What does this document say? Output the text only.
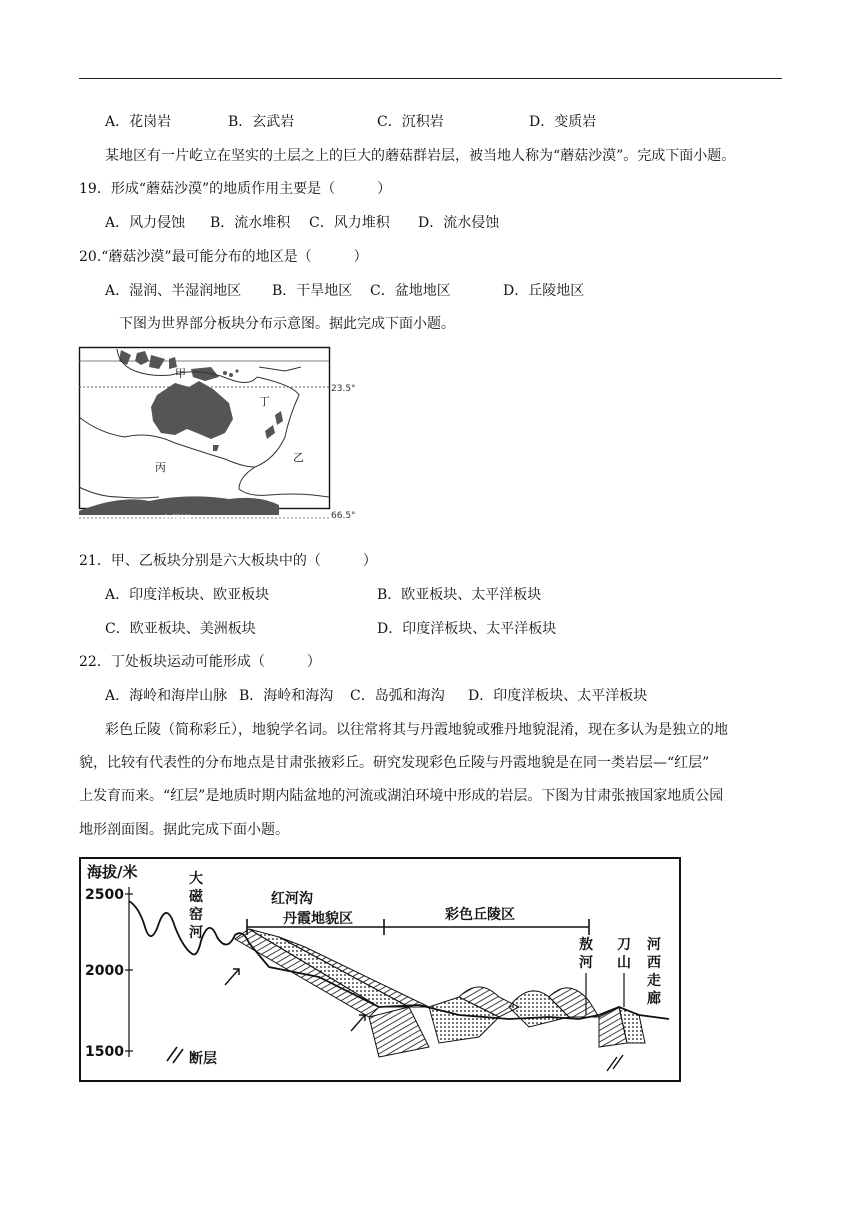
A．花岗岩	B．玄武岩	C．沉积岩	D．变质岩
某地区有一片屹立在坚实的土层之上的巨大的蘑菇群岩层，被当地人称为“蘑菇沙漠”。完成下面小题。
19．形成“蘑菇沙漠”的地质作用主要是（　　　）
A．风力侵蚀 B．流水堆积 C．风力堆积 D．流水侵蚀
20.“蘑菇沙漠”最可能分布的地区是（　　　）
A．湿润、半湿润地区 B．干旱地区 C．盆地地区	D．丘陵地区
下图为世界部分板块分布示意图。据此完成下面小题。
甲
丁
乙
丙
23.5°
66.5°
南极洲
21．甲、乙板块分别是六大板块中的（　　　）
A．印度洋板块、欧亚板块	B．欧亚板块、太平洋板块
C．欧亚板块、美洲板块	D．印度洋板块、太平洋板块
22．丁处板块运动可能形成（　　　）
A．海岭和海岸山脉 B．海岭和海沟 C．岛弧和海沟 D．印度洋板块、太平洋板块
彩色丘陵（简称彩丘），地貌学名词。以往常将其与丹霞地貌或雅丹地貌混淆，现在多认为是独立的地
貌，比较有代表性的分布地点是甘肃张掖彩丘。研究发现彩色丘陵与丹霞地貌是在同一类岩层—“红层”
上发育而来。“红层”是地质时期内陆盆地的河流或湖泊环境中形成的岩层。下图为甘肃张掖国家地质公园
地形剖面图。据此完成下面小题。
海拔/米
2500
2000
1500
大
磁
窑
河
红河沟
丹霞地貌区	彩色丘陵区
敖
河
刀
山
河
西
走
廊
断层
